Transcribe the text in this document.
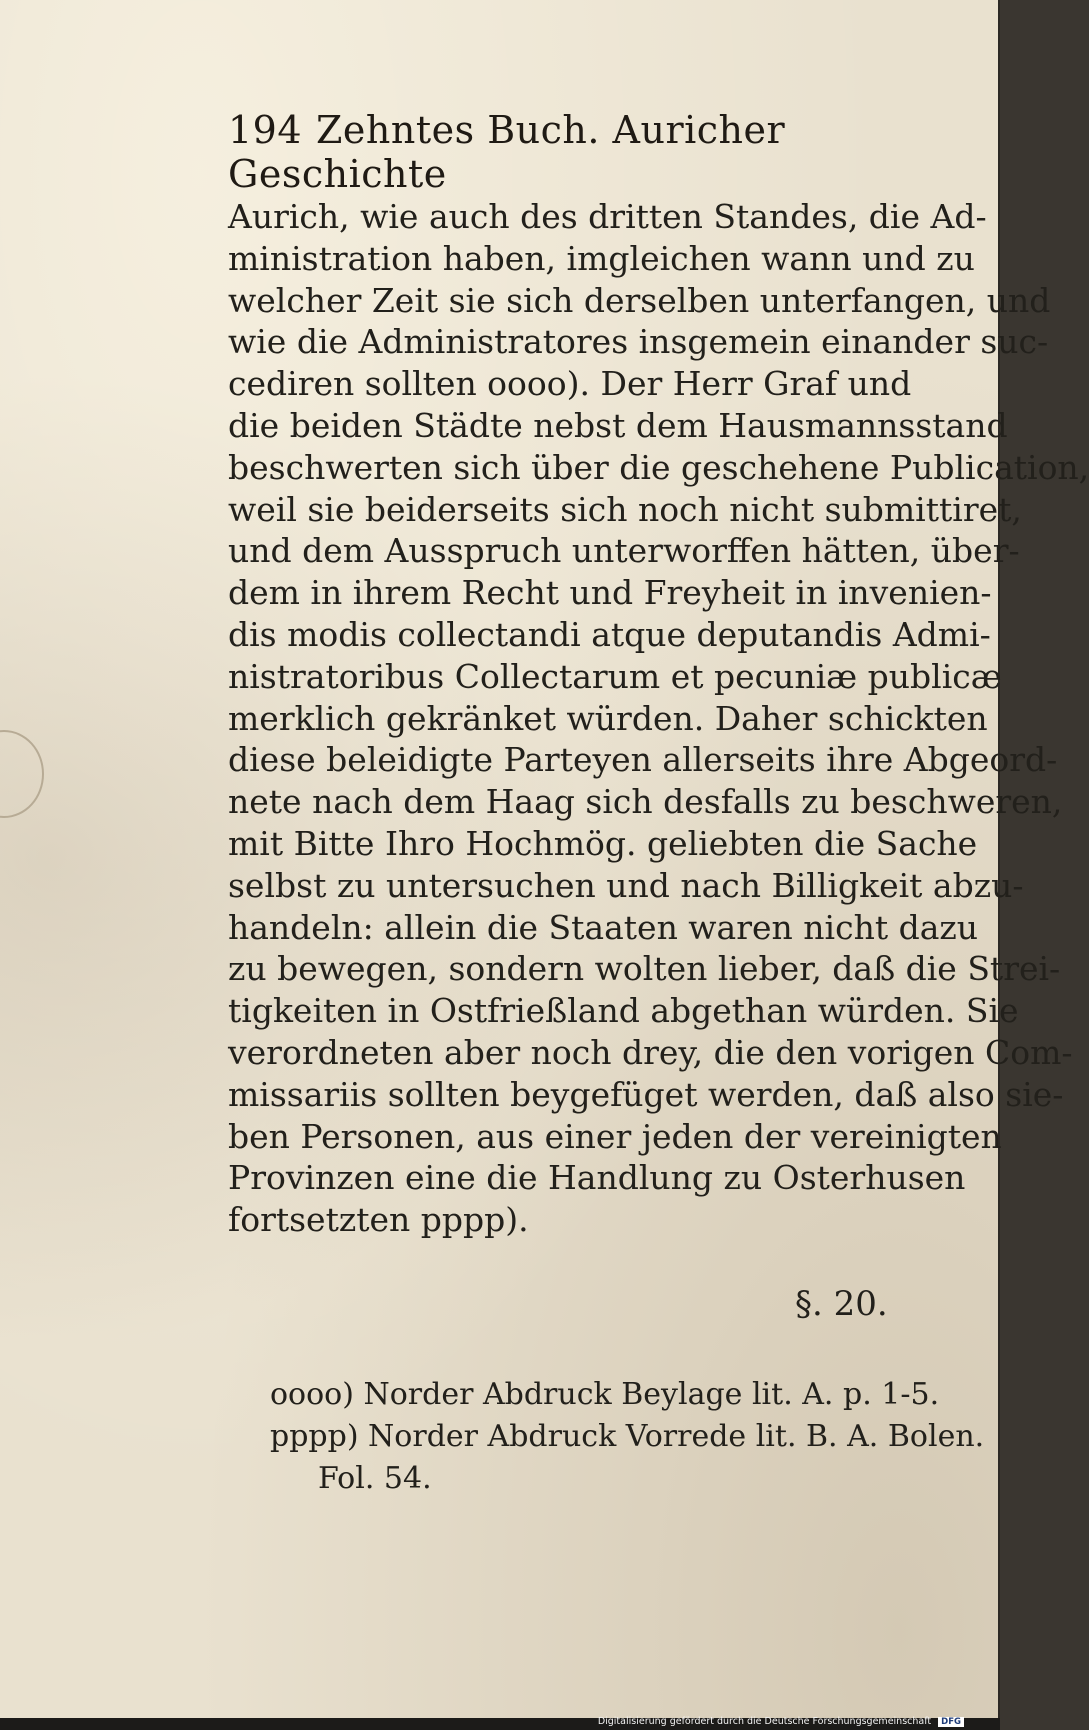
194 Zehntes Buch. Auricher Geschichte
Aurich, wie auch des dritten Standes, die Ad-
ministration haben, imgleichen wann und zu
welcher Zeit sie sich derselben unterfangen, und
wie die Administratores insgemein einander suc-
cediren sollten oooo). Der Herr Graf und
die beiden Städte nebst dem Hausmannsstand
beschwerten sich über die geschehene Publication,
weil sie beiderseits sich noch nicht submittiret,
und dem Ausspruch unterworffen hätten, über-
dem in ihrem Recht und Freyheit in invenien-
dis modis collectandi atque deputandis Admi-
nistratoribus Collectarum et pecuniæ publicæ
merklich gekränket würden. Daher schickten
diese beleidigte Parteyen allerseits ihre Abgeord-
nete nach dem Haag sich desfalls zu beschweren,
mit Bitte Ihro Hochmög. geliebten die Sache
selbst zu untersuchen und nach Billigkeit abzu-
handeln: allein die Staaten waren nicht dazu
zu bewegen, sondern wolten lieber, daß die Strei-
tigkeiten in Ostfrießland abgethan würden. Sie
verordneten aber noch drey, die den vorigen Com-
missariis sollten beygefüget werden, daß also sie-
ben Personen, aus einer jeden der vereinigten
Provinzen eine die Handlung zu Osterhusen
fortsetzten pppp).
§. 20.
oooo) Norder Abdruck Beylage lit. A. p. 1-5.
pppp) Norder Abdruck Vorrede lit. B. A. Bolen.
Fol. 54.
Digitalisierung gefördert durch die Deutsche Forschungsgemeinschaft DFG
